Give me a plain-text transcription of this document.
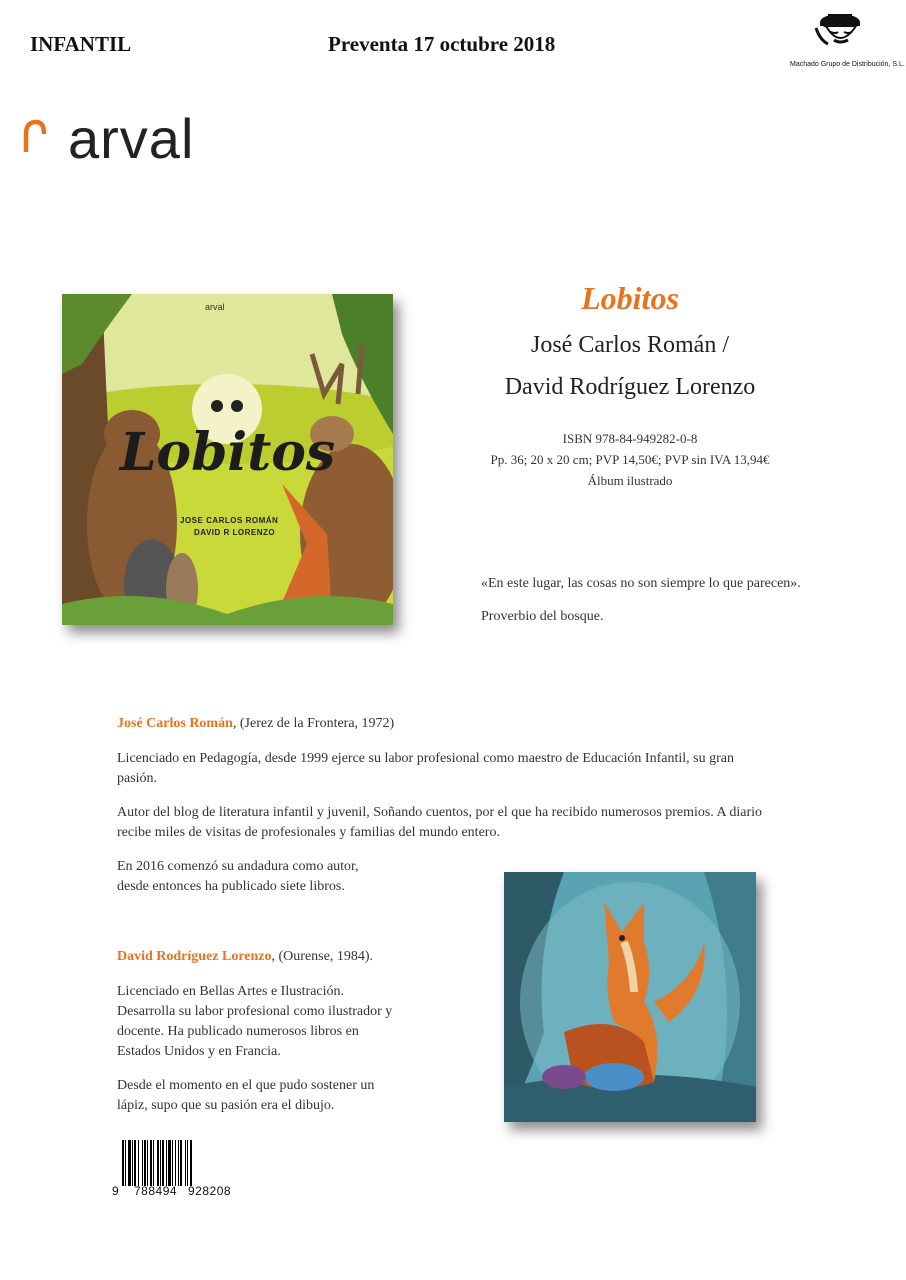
INFANTIL	Preventa 17 octubre 2018
Machado Grupo de Distribución, S.L.
arval
arval
Lobitos
JOSE CARLOS ROMÁN
DAVID R LORENZO
Lobitos
José Carlos Román /
David Rodríguez Lorenzo
ISBN 978-84-949282-0-8
Pp. 36; 20 x 20 cm; PVP 14,50€; PVP sin IVA 13,94€
Álbum ilustrado
«En este lugar, las cosas no son siempre lo que parecen».
Proverbio del bosque.
José Carlos Román, (Jerez de la Frontera, 1972)

Licenciado en Pedagogía, desde 1999 ejerce su labor profesional como maestro de Educación Infantil, su gran pasión.

Autor del blog de literatura infantil y juvenil, Soñando cuentos, por el que ha recibido numerosos premios. A diario recibe miles de visitas de profesionales y familias del mundo entero.

En 2016 comenzó su andadura como autor,
desde entonces ha publicado siete libros.
David Rodríguez Lorenzo, (Ourense, 1984).
Licenciado en Bellas Artes e Ilustración.
Desarrolla su labor profesional como ilustrador y
docente. Ha publicado numerosos libros en
Estados Unidos y en Francia.
Desde el momento en el que pudo sostener un
lápiz, supo que su pasión era el dibujo.
9 788494 928208
